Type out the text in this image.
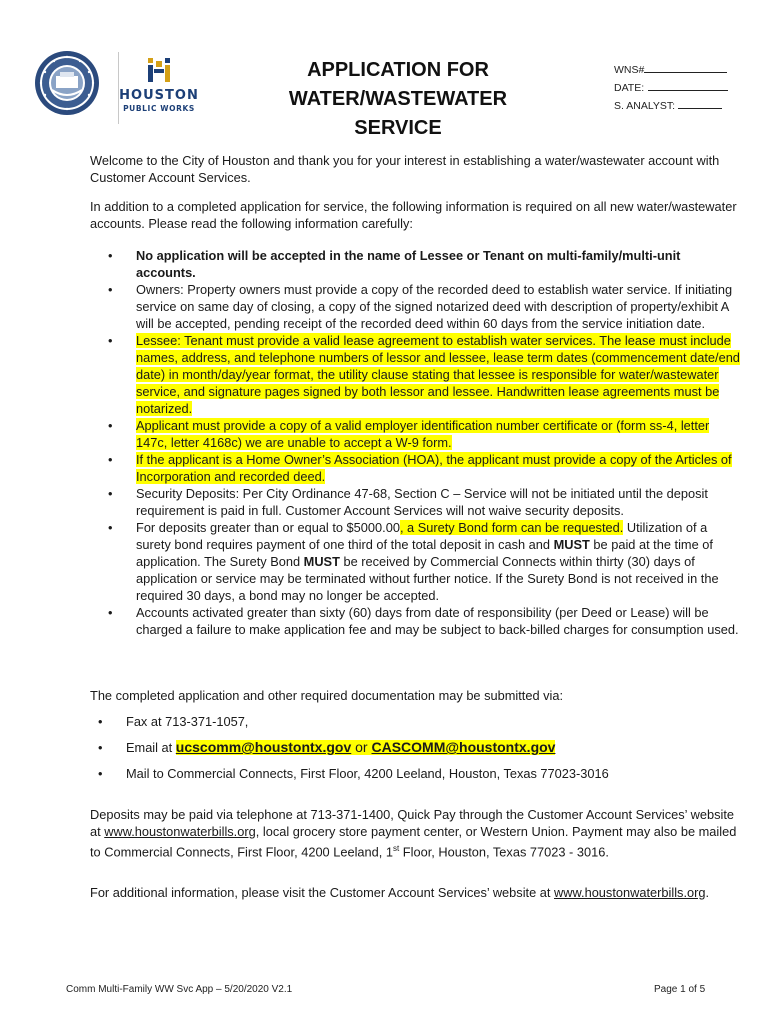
HOUSTON
PUBLIC WORKS
APPLICATION FOR
WATER/WASTEWATER
SERVICE
WNS#
DATE:
S. ANALYST:
Welcome to the City of Houston and thank you for your interest in establishing a water/wastewater account with Customer Account Services.
In addition to a completed application for service, the following information is required on all new water/wastewater accounts. Please read the following information carefully:
• No application will be accepted in the name of Lessee or Tenant on multi-family/multi-unit accounts.
• Owners: Property owners must provide a copy of the recorded deed to establish water service. If initiating service on same day of closing, a copy of the signed notarized deed with description of property/exhibit A will be accepted, pending receipt of the recorded deed within 60 days from the service initiation date.
• Lessee: Tenant must provide a valid lease agreement to establish water services. The lease must include names, address, and telephone numbers of lessor and lessee, lease term dates (commencement date/end date) in month/day/year format, the utility clause stating that lessee is responsible for water/wastewater service, and signature pages signed by both lessor and lessee. Handwritten lease agreements must be notarized.
• Applicant must provide a copy of a valid employer identification number certificate or (form ss-4, letter 147c, letter 4168c) we are unable to accept a W-9 form.
• If the applicant is a Home Owner’s Association (HOA), the applicant must provide a copy of the Articles of Incorporation and recorded deed.
• Security Deposits: Per City Ordinance 47-68, Section C – Service will not be initiated until the deposit requirement is paid in full. Customer Account Services will not waive security deposits.
• For deposits greater than or equal to $5000.00, a Surety Bond form can be requested. Utilization of a surety bond requires payment of one third of the total deposit in cash and MUST be paid at the time of application. The Surety Bond MUST be received by Commercial Connects within thirty (30) days of application or service may be terminated without further notice. If the Surety Bond is not received in the required 30 days, a bond may no longer be accepted.
• Accounts activated greater than sixty (60) days from date of responsibility (per Deed or Lease) will be charged a failure to make application fee and may be subject to back-billed charges for consumption used.
The completed application and other required documentation may be submitted via:
• Fax at 713-371-1057,
• Email at ucscomm@houstontx.gov or CASCOMM@houstontx.gov
• Mail to Commercial Connects, First Floor, 4200 Leeland, Houston, Texas 77023-3016
Deposits may be paid via telephone at 713-371-1400, Quick Pay through the Customer Account Services’ website at www.houstonwaterbills.org, local grocery store payment center, or Western Union. Payment may also be mailed to Commercial Connects, First Floor, 4200 Leeland, 1st Floor, Houston, Texas 77023 - 3016.
For additional information, please visit the Customer Account Services’ website at www.houstonwaterbills.org.
Comm Multi-Family WW Svc App – 5/20/2020 V2.1	Page 1 of 5
